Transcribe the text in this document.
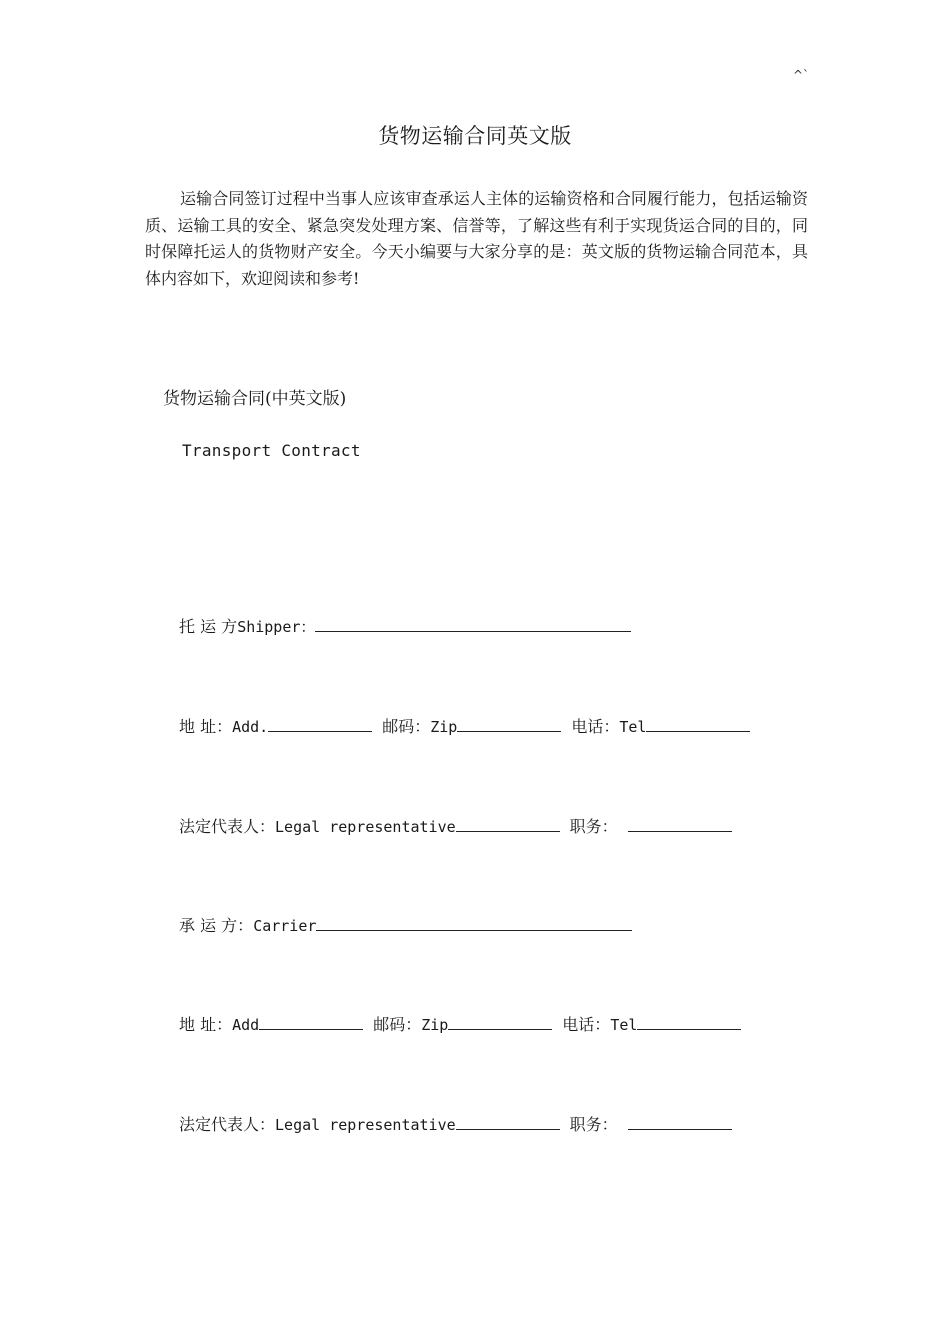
^`
货物运输合同英文版

运输合同签订过程中当事人应该审查承运人主体的运输资格和合同履行能力，包括运输资质、运输工具的安全、紧急突发处理方案、信誉等，了解这些有利于实现货运合同的目的，同时保障托运人的货物财产安全。今天小编要与大家分享的是：英文版的货物运输合同范本，具体内容如下，欢迎阅读和参考!

货物运输合同(中英文版)
Transport Contract
托 运 方Shipper：
地 址：Add.	邮码：Zip	电话：Tel
法定代表人：Legal representative	职务：
承 运 方：Carrier
地 址：Add	邮码：Zip	电话：Tel
法定代表人：Legal representative	职务：
